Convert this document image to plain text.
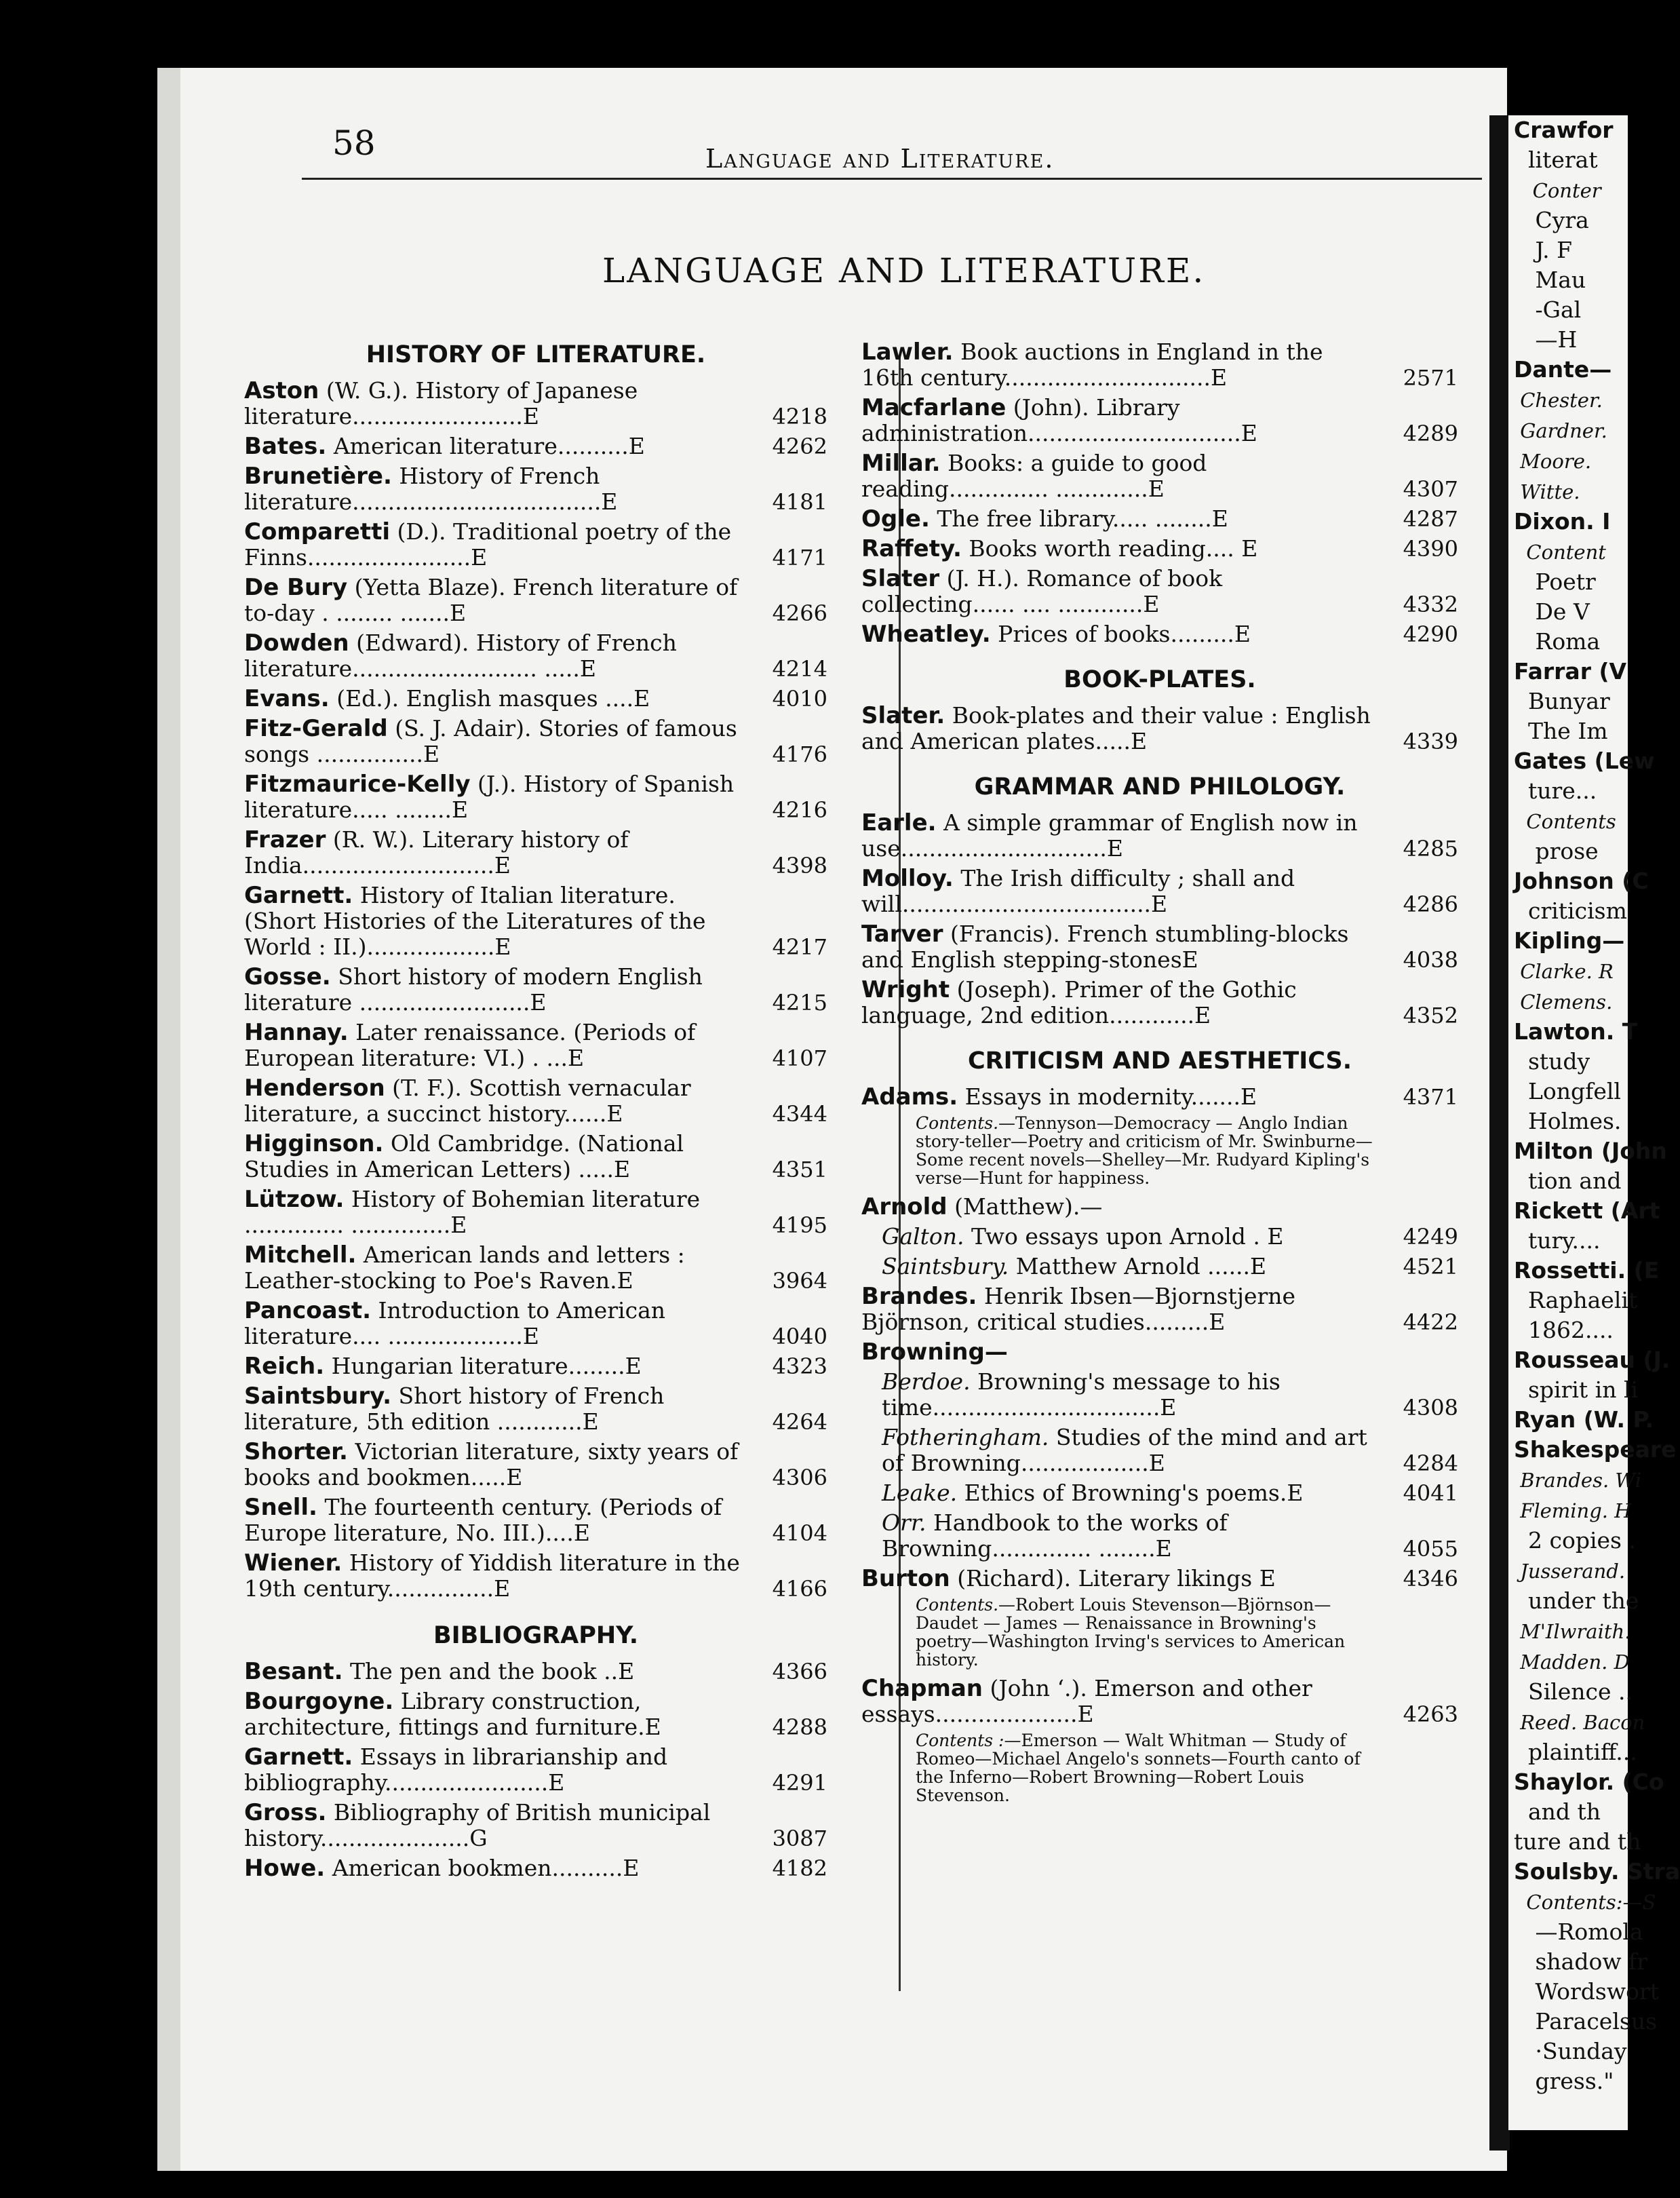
Crawfor
literat
Conter
Cyra
J. F
Mau
-Gal
—H
Dante—
Chester.
Gardner.
Moore.
Witte.
Dixon. I
Content
Poetr
De V
Roma
Farrar (V
Bunyar
The Im
Gates (Lew
ture...
Contents
prose
Johnson (C
criticism
Kipling—
Clarke. R
Clemens.
Lawton. T
study
Longfell
Holmes.
Milton (John
tion and
Rickett (Art
tury....
Rossetti. (E
Raphaelit
1862....
Rousseau (J.
spirit in li
Ryan (W. P.
Shakespeare
Brandes. Wi
Fleming. H
2 copies .
Jusserand.
under the
M'Ilwraith.
Madden. D
Silence ..
Reed. Bacon
plaintiff...
Shaylor. (Co
and th
ture and th
Soulsby. Stra
Contents:—S
—Romola
shadow fr
Wordswort
Paracelsus
·Sunday
gress."
58	Language and Literature.
LANGUAGE AND LITERATURE.
HISTORY OF LITERATURE.
Aston (W. G.). History of Japanese literature........................E	4218
Bates. American literature..........E	4262
Brunetière. History of French literature...................................E	4181
Comparetti (D.). Traditional poetry of the Finns.......................E	4171
De Bury (Yetta Blaze). French literature of to-day . ........ .......E	4266
Dowden (Edward). History of French literature.......................... .....E	4214
Evans. (Ed.). English masques ....E	4010
Fitz-Gerald (S. J. Adair). Stories of famous songs ...............E	4176
Fitzmaurice-Kelly (J.). History of Spanish literature..... ........E	4216
Frazer (R. W.). Literary history of India...........................E	4398
Garnett. History of Italian literature. (Short Histories of the Literatures of the World : II.)..................E	4217
Gosse. Short history of modern English literature ........................E	4215
Hannay. Later renaissance. (Periods of European literature: VI.) . ...E	4107
Henderson (T. F.). Scottish vernacular literature, a succinct history......E	4344
Higginson. Old Cambridge. (National Studies in American Letters) .....E	4351
Lützow. History of Bohemian literature .............. ..............E	4195
Mitchell. American lands and letters : Leather-stocking to Poe's Raven.E	3964
Pancoast. Introduction to American literature.... ...................E	4040
Reich. Hungarian literature........E	4323
Saintsbury. Short history of French literature, 5th edition ............E	4264
Shorter. Victorian literature, sixty years of books and bookmen.....E	4306
Snell. The fourteenth century. (Periods of Europe literature, No. III.)....E	4104
Wiener. History of Yiddish literature in the 19th century...............E	4166
BIBLIOGRAPHY.
Besant. The pen and the book ..E	4366
Bourgoyne. Library construction, architecture, fittings and furniture.E	4288
Garnett. Essays in librarianship and bibliography.......................E	4291
Gross. Bibliography of British municipal history.....................G	3087
Howe. American bookmen..........E	4182
Lawler. Book auctions in England in the 16th century.............................E	2571
Macfarlane (John). Library administration..............................E	4289
Millar. Books: a guide to good reading.............. .............E	4307
Ogle. The free library..... ........E	4287
Raffety. Books worth reading.... E	4390
Slater (J. H.). Romance of book collecting...... .... ............E	4332
Wheatley. Prices of books.........E	4290
BOOK-PLATES.
Slater. Book-plates and their value : English and American plates.....E	4339
GRAMMAR AND PHILOLOGY.
Earle. A simple grammar of English now in use.............................E	4285
Molloy. The Irish difficulty ; shall and will...................................E	4286
Tarver (Francis). French stumbling-blocks and English stepping-stonesE	4038
Wright (Joseph). Primer of the Gothic language, 2nd edition............E	4352
CRITICISM AND AESTHETICS.
Adams. Essays in modernity.......E	4371
Contents.—Tennyson—Democracy — Anglo Indian story-teller—Poetry and criticism of Mr. Swinburne—Some recent novels—Shelley—Mr. Rudyard Kipling's verse—Hunt for happiness.
Arnold (Matthew).—
Galton. Two essays upon Arnold . E	4249
Saintsbury. Matthew Arnold ......E	4521
Brandes. Henrik Ibsen—Bjornstjerne Björnson, critical studies.........E	4422
Browning—
Berdoe. Browning's message to his time................................E	4308
Fotheringham. Studies of the mind and art of Browning..................E	4284
Leake. Ethics of Browning's poems.E	4041
Orr. Handbook to the works of Browning.............. ........E	4055
Burton (Richard). Literary likings E	4346
Contents.—Robert Louis Stevenson—Björnson—Daudet — James — Renaissance in Browning's poetry—Washington Irving's services to American history.
Chapman (John ʻ.). Emerson and other essays....................E	4263
Contents :—Emerson — Walt Whitman — Study of Romeo—Michael Angelo's sonnets—Fourth canto of the Inferno—Robert Browning—Robert Louis Stevenson.
